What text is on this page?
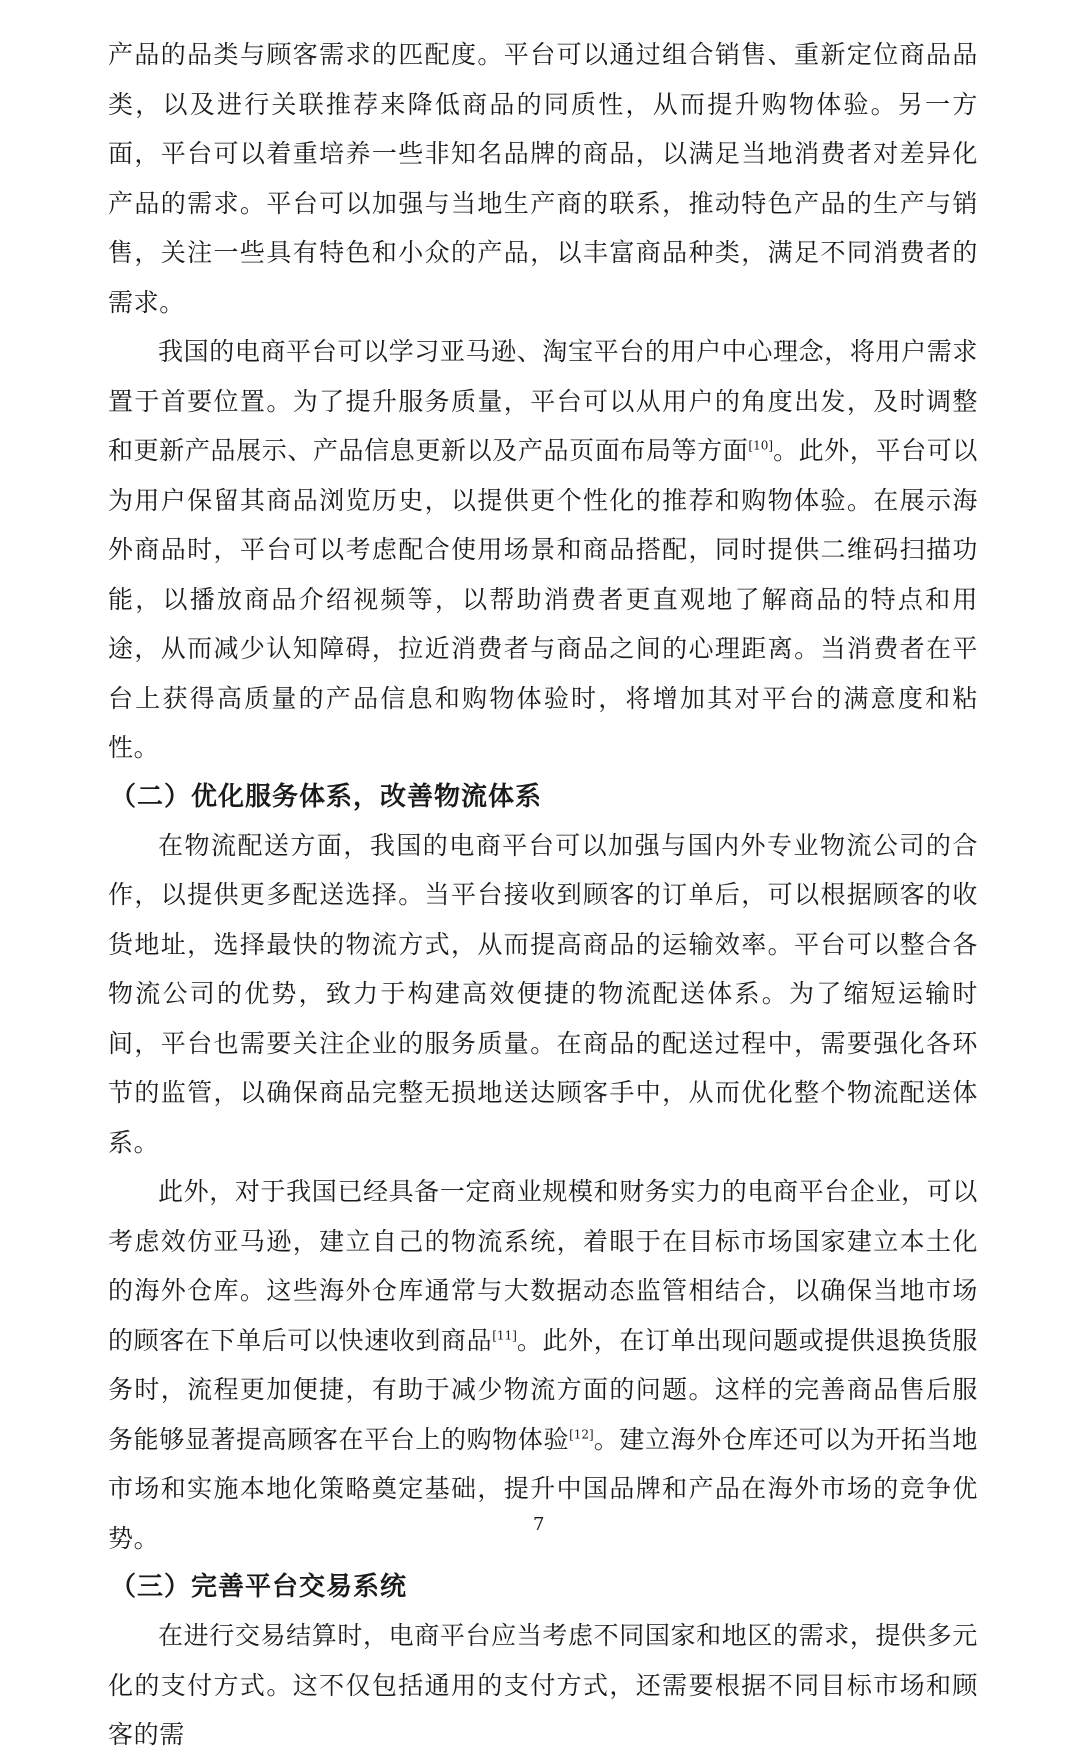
产品的品类与顾客需求的匹配度。平台可以通过组合销售、重新定位商品品类，以及进行关联推荐来降低商品的同质性，从而提升购物体验。另一方面，平台可以着重培养一些非知名品牌的商品，以满足当地消费者对差异化产品的需求。平台可以加强与当地生产商的联系，推动特色产品的生产与销售，关注一些具有特色和小众的产品，以丰富商品种类，满足不同消费者的需求。

我国的电商平台可以学习亚马逊、淘宝平台的用户中心理念，将用户需求置于首要位置。为了提升服务质量，平台可以从用户的角度出发，及时调整和更新产品展示、产品信息更新以及产品页面布局等方面[10]。此外，平台可以为用户保留其商品浏览历史，以提供更个性化的推荐和购物体验。在展示海外商品时，平台可以考虑配合使用场景和商品搭配，同时提供二维码扫描功能，以播放商品介绍视频等，以帮助消费者更直观地了解商品的特点和用途，从而减少认知障碍，拉近消费者与商品之间的心理距离。当消费者在平台上获得高质量的产品信息和购物体验时，将增加其对平台的满意度和粘性。

（二）优化服务体系，改善物流体系

在物流配送方面，我国的电商平台可以加强与国内外专业物流公司的合作，以提供更多配送选择。当平台接收到顾客的订单后，可以根据顾客的收货地址，选择最快的物流方式，从而提高商品的运输效率。平台可以整合各物流公司的优势，致力于构建高效便捷的物流配送体系。为了缩短运输时间，平台也需要关注企业的服务质量。在商品的配送过程中，需要强化各环节的监管，以确保商品完整无损地送达顾客手中，从而优化整个物流配送体系。

此外，对于我国已经具备一定商业规模和财务实力的电商平台企业，可以考虑效仿亚马逊，建立自己的物流系统，着眼于在目标市场国家建立本土化的海外仓库。这些海外仓库通常与大数据动态监管相结合，以确保当地市场的顾客在下单后可以快速收到商品[11]。此外，在订单出现问题或提供退换货服务时，流程更加便捷，有助于减少物流方面的问题。这样的完善商品售后服务能够显著提高顾客在平台上的购物体验[12]。建立海外仓库还可以为开拓当地市场和实施本地化策略奠定基础，提升中国品牌和产品在海外市场的竞争优势。

（三）完善平台交易系统

在进行交易结算时，电商平台应当考虑不同国家和地区的需求，提供多元化的支付方式。这不仅包括通用的支付方式，还需要根据不同目标市场和顾客的需

7
